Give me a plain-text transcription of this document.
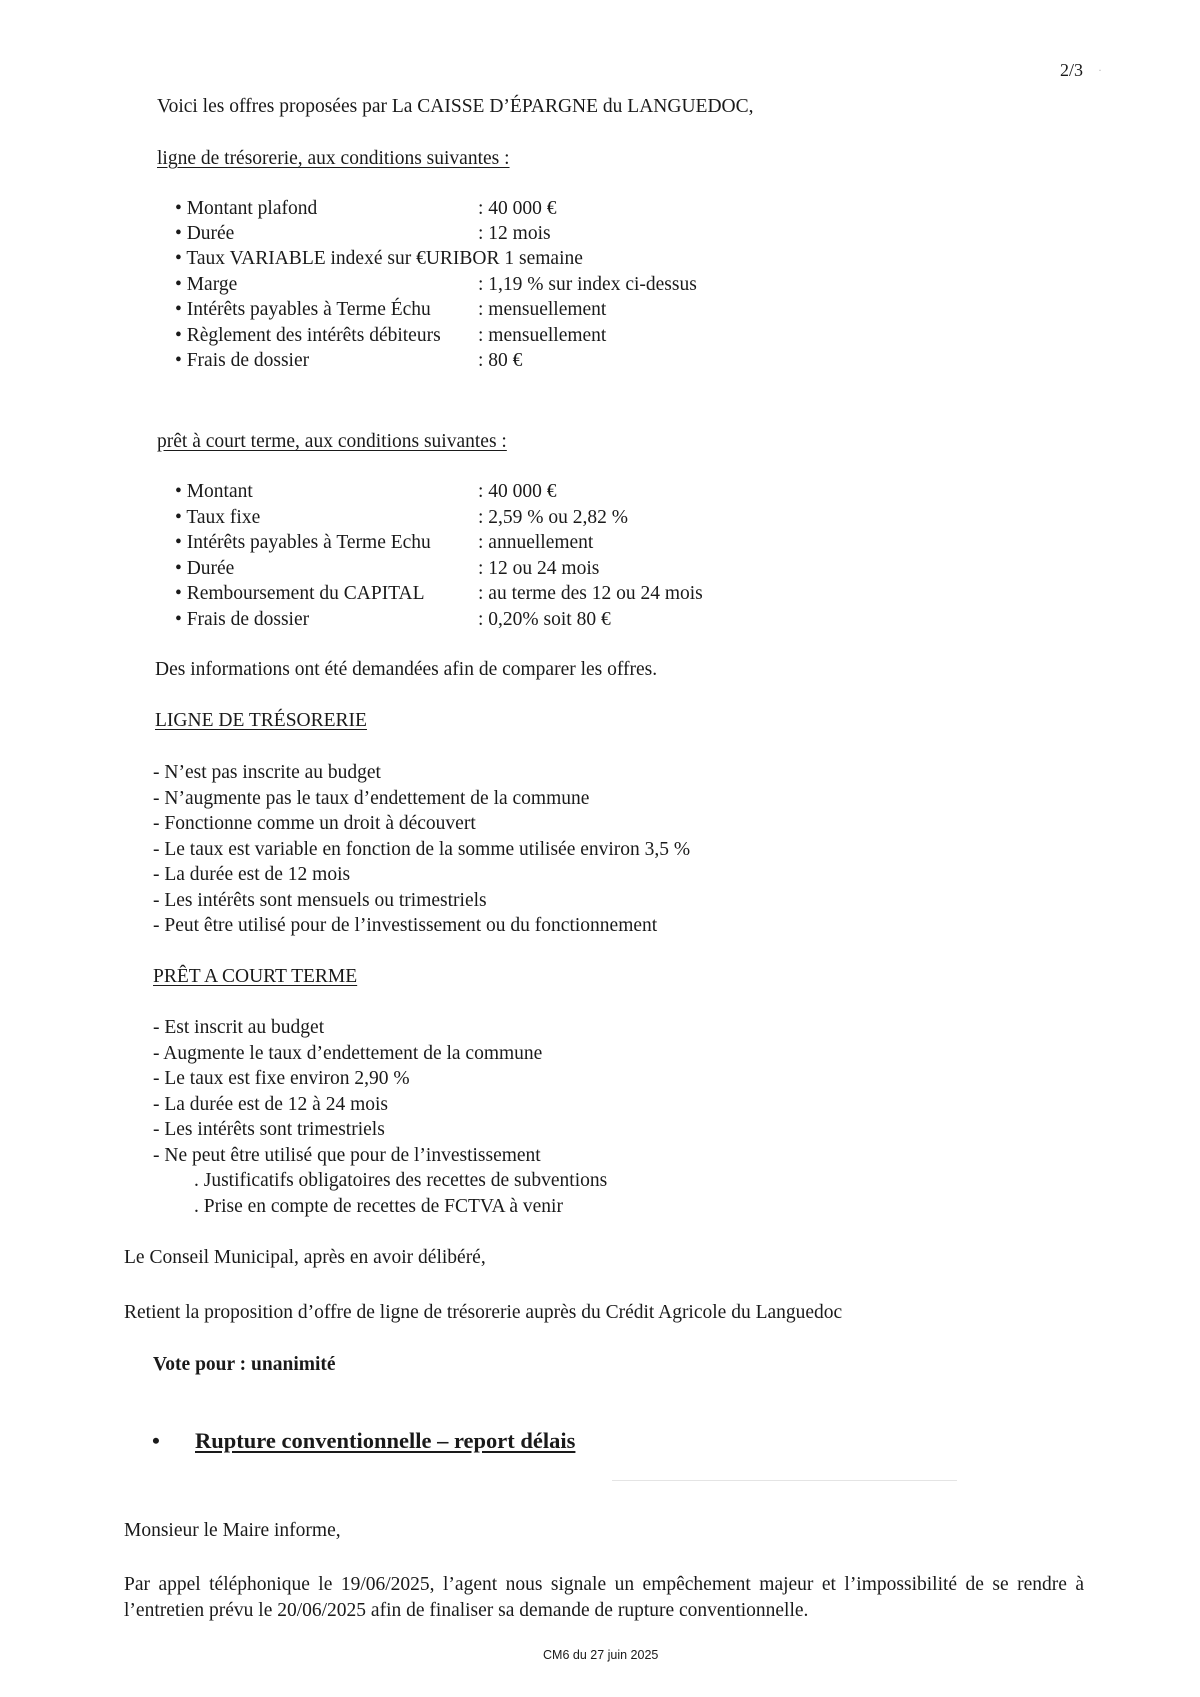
2/3 ·
Voici les offres proposées par La CAISSE D’ÉPARGNE du LANGUEDOC,
ligne de trésorerie, aux conditions suivantes :
• Montant plafond	: 40 000 €
• Durée	: 12 mois
• Taux VARIABLE indexé sur €URIBOR 1 semaine
• Marge	: 1,19 % sur index ci-dessus
• Intérêts payables à Terme Échu : mensuellement
• Règlement des intérêts débiteurs : mensuellement
• Frais de dossier	: 80 €
prêt à court terme, aux conditions suivantes :
• Montant	: 40 000 €
• Taux fixe	: 2,59 % ou 2,82 %
• Intérêts payables à Terme Echu : annuellement
• Durée	: 12 ou 24 mois
• Remboursement du CAPITAL	: au terme des 12 ou 24 mois
• Frais de dossier	: 0,20% soit 80 €
Des informations ont été demandées afin de comparer les offres.
LIGNE DE TRÉSORERIE
- N’est pas inscrite au budget
- N’augmente pas le taux d’endettement de la commune
- Fonctionne comme un droit à découvert
- Le taux est variable en fonction de la somme utilisée environ 3,5 %
- La durée est de 12 mois
- Les intérêts sont mensuels ou trimestriels
- Peut être utilisé pour de l’investissement ou du fonctionnement
PRÊT A COURT TERME
- Est inscrit au budget
- Augmente le taux d’endettement de la commune
- Le taux est fixe environ 2,90 %
- La durée est de 12 à 24 mois
- Les intérêts sont trimestriels
- Ne peut être utilisé que pour de l’investissement
. Justificatifs obligatoires des recettes de subventions
. Prise en compte de recettes de FCTVA à venir
Le Conseil Municipal, après en avoir délibéré,
Retient la proposition d’offre de ligne de trésorerie auprès du Crédit Agricole du Languedoc
Vote pour : unanimité
• Rupture conventionnelle – report délais
Monsieur le Maire informe,
Par appel téléphonique le 19/06/2025, l’agent nous signale un empêchement majeur et l’impossibilité de se rendre à l’entretien prévu le 20/06/2025 afin de finaliser sa demande de rupture conventionnelle.
CM6 du 27 juin 2025
